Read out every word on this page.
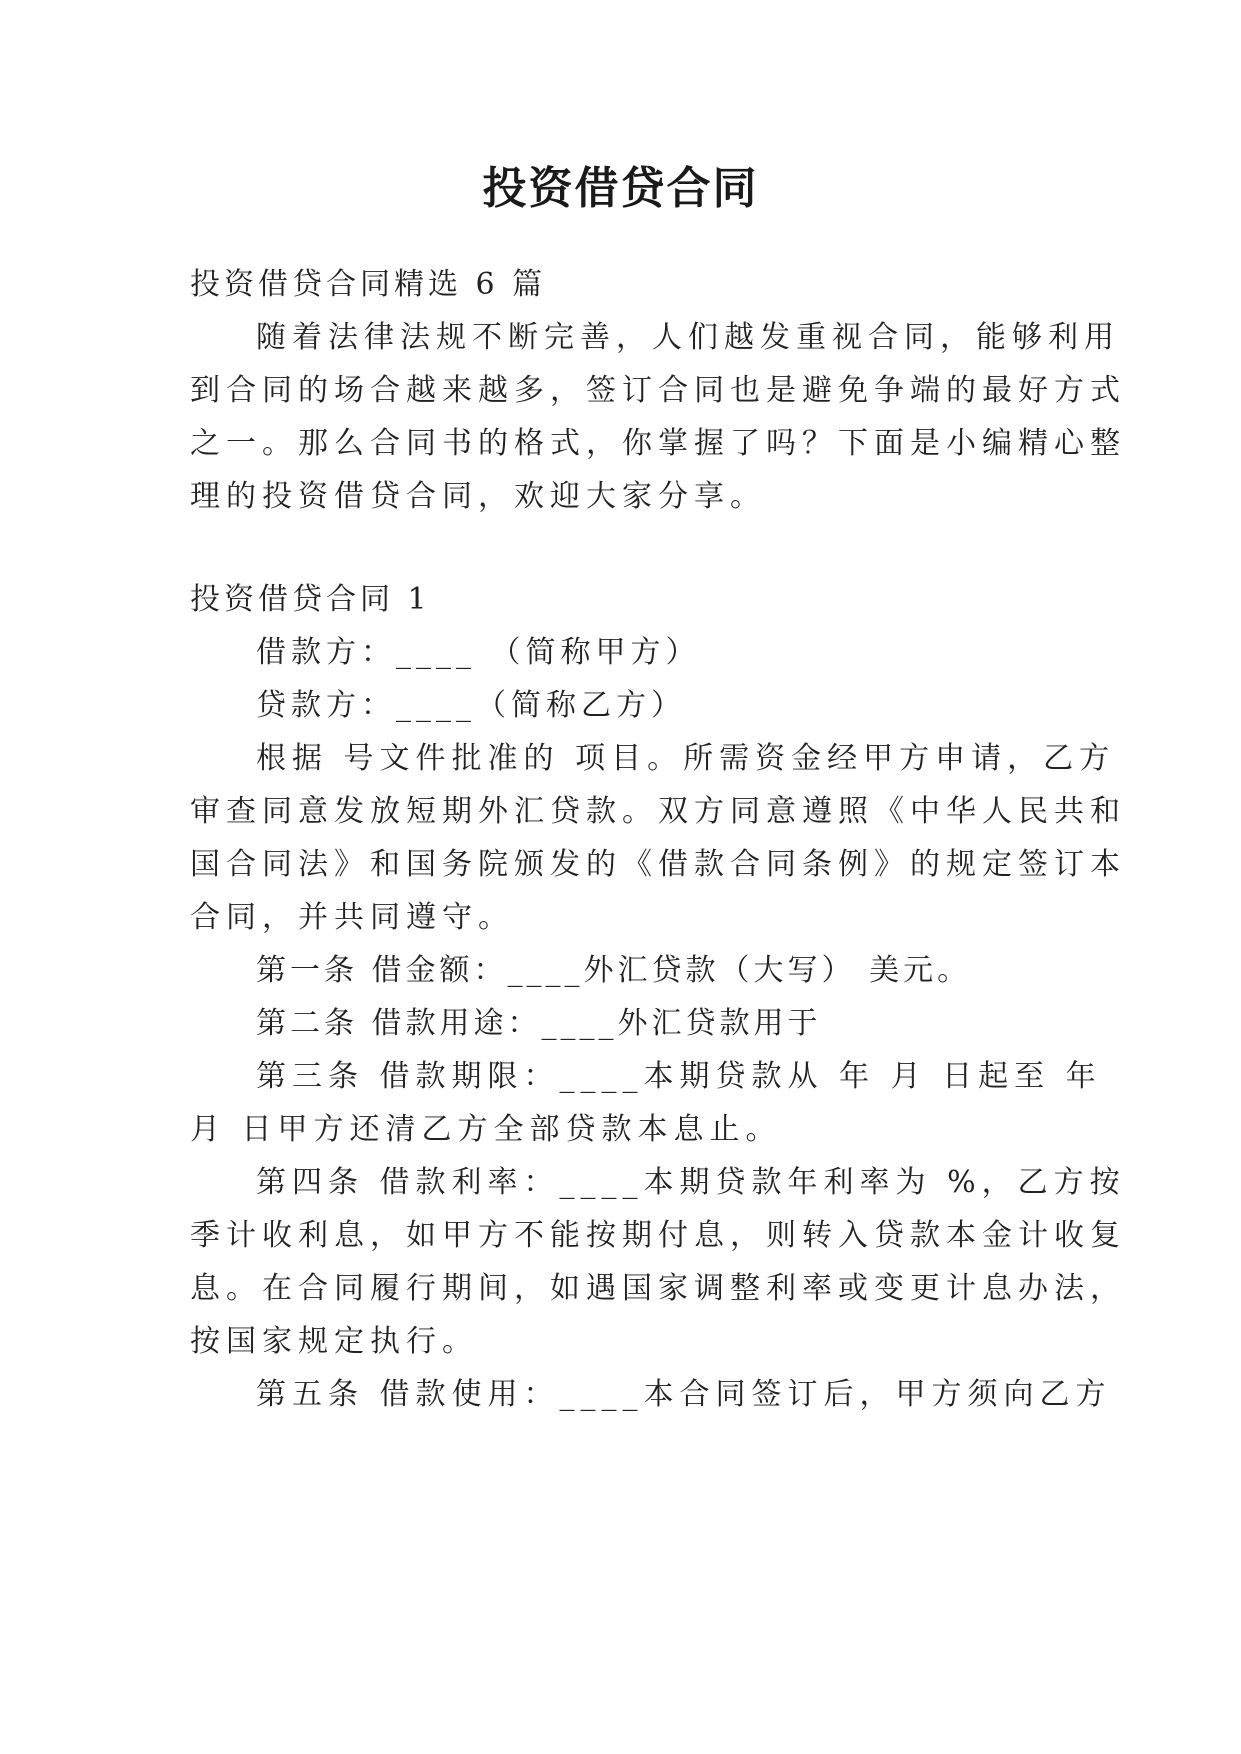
投资借贷合同
投资借贷合同精选 6 篇
随着法律法规不断完善，人们越发重视合同，能够利用
到合同的场合越来越多，签订合同也是避免争端的最好方式
之一。那么合同书的格式，你掌握了吗？下面是小编精心整
理的投资借贷合同，欢迎大家分享。
投资借贷合同 1
借款方：____ （简称甲方）
贷款方：____（简称乙方）
根据 号文件批准的 项目。所需资金经甲方申请，乙方
审查同意发放短期外汇贷款。双方同意遵照《中华人民共和
国合同法》和国务院颁发的《借款合同条例》的规定签订本
合同，并共同遵守。
第一条 借金额：____外汇贷款（大写） 美元。
第二条 借款用途：____外汇贷款用于
第三条 借款期限：____本期贷款从 年 月 日起至 年
月 日甲方还清乙方全部贷款本息止。
第四条 借款利率：____本期贷款年利率为 %，乙方按
季计收利息，如甲方不能按期付息，则转入贷款本金计收复
息。在合同履行期间，如遇国家调整利率或变更计息办法，
按国家规定执行。
第五条 借款使用：____本合同签订后，甲方须向乙方
